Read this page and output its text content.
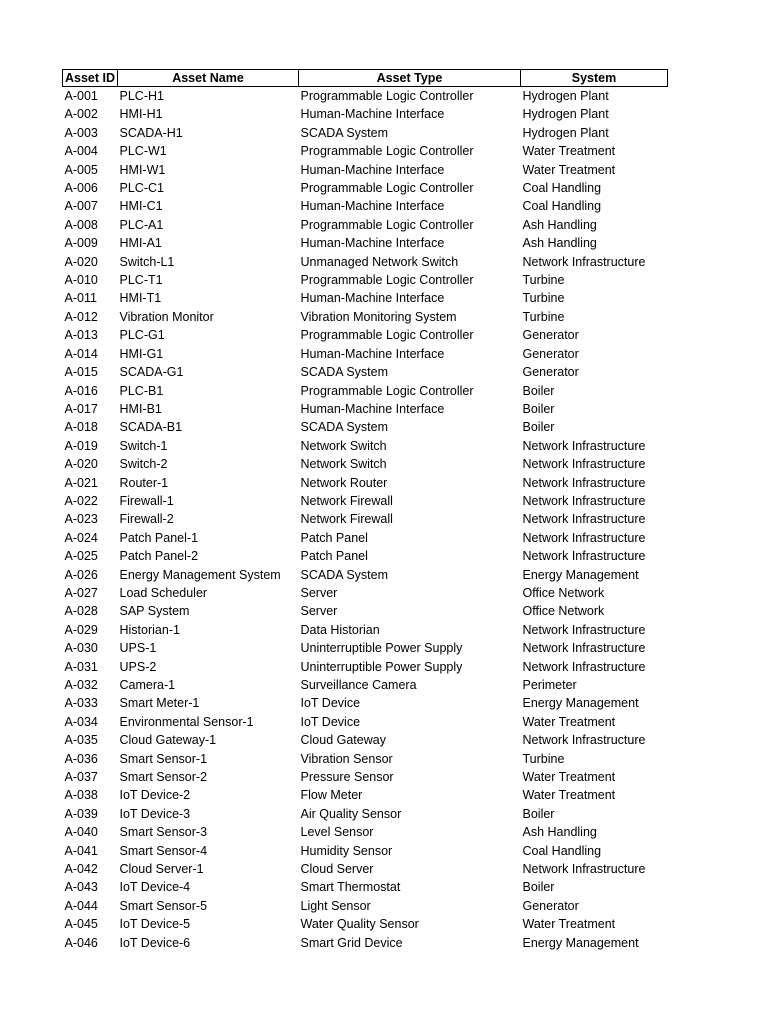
Asset ID	Asset Name	Asset Type	System
A-001	PLC-H1	Programmable Logic Controller	Hydrogen Plant
A-002	HMI-H1	Human-Machine Interface	Hydrogen Plant
A-003	SCADA-H1	SCADA System	Hydrogen Plant
A-004	PLC-W1	Programmable Logic Controller	Water Treatment
A-005	HMI-W1	Human-Machine Interface	Water Treatment
A-006	PLC-C1	Programmable Logic Controller	Coal Handling
A-007	HMI-C1	Human-Machine Interface	Coal Handling
A-008	PLC-A1	Programmable Logic Controller	Ash Handling
A-009	HMI-A1	Human-Machine Interface	Ash Handling
A-020	Switch-L1	Unmanaged Network Switch	Network Infrastructure
A-010	PLC-T1	Programmable Logic Controller	Turbine
A-011	HMI-T1	Human-Machine Interface	Turbine
A-012	Vibration Monitor	Vibration Monitoring System	Turbine
A-013	PLC-G1	Programmable Logic Controller	Generator
A-014	HMI-G1	Human-Machine Interface	Generator
A-015	SCADA-G1	SCADA System	Generator
A-016	PLC-B1	Programmable Logic Controller	Boiler
A-017	HMI-B1	Human-Machine Interface	Boiler
A-018	SCADA-B1	SCADA System	Boiler
A-019	Switch-1	Network Switch	Network Infrastructure
A-020	Switch-2	Network Switch	Network Infrastructure
A-021	Router-1	Network Router	Network Infrastructure
A-022	Firewall-1	Network Firewall	Network Infrastructure
A-023	Firewall-2	Network Firewall	Network Infrastructure
A-024	Patch Panel-1	Patch Panel	Network Infrastructure
A-025	Patch Panel-2	Patch Panel	Network Infrastructure
A-026	Energy Management System	SCADA System	Energy Management
A-027	Load Scheduler	Server	Office Network
A-028	SAP System	Server	Office Network
A-029	Historian-1	Data Historian	Network Infrastructure
A-030	UPS-1	Uninterruptible Power Supply	Network Infrastructure
A-031	UPS-2	Uninterruptible Power Supply	Network Infrastructure
A-032	Camera-1	Surveillance Camera	Perimeter
A-033	Smart Meter-1	IoT Device	Energy Management
A-034	Environmental Sensor-1	IoT Device	Water Treatment
A-035	Cloud Gateway-1	Cloud Gateway	Network Infrastructure
A-036	Smart Sensor-1	Vibration Sensor	Turbine
A-037	Smart Sensor-2	Pressure Sensor	Water Treatment
A-038	IoT Device-2	Flow Meter	Water Treatment
A-039	IoT Device-3	Air Quality Sensor	Boiler
A-040	Smart Sensor-3	Level Sensor	Ash Handling
A-041	Smart Sensor-4	Humidity Sensor	Coal Handling
A-042	Cloud Server-1	Cloud Server	Network Infrastructure
A-043	IoT Device-4	Smart Thermostat	Boiler
A-044	Smart Sensor-5	Light Sensor	Generator
A-045	IoT Device-5	Water Quality Sensor	Water Treatment
A-046	IoT Device-6	Smart Grid Device	Energy Management
